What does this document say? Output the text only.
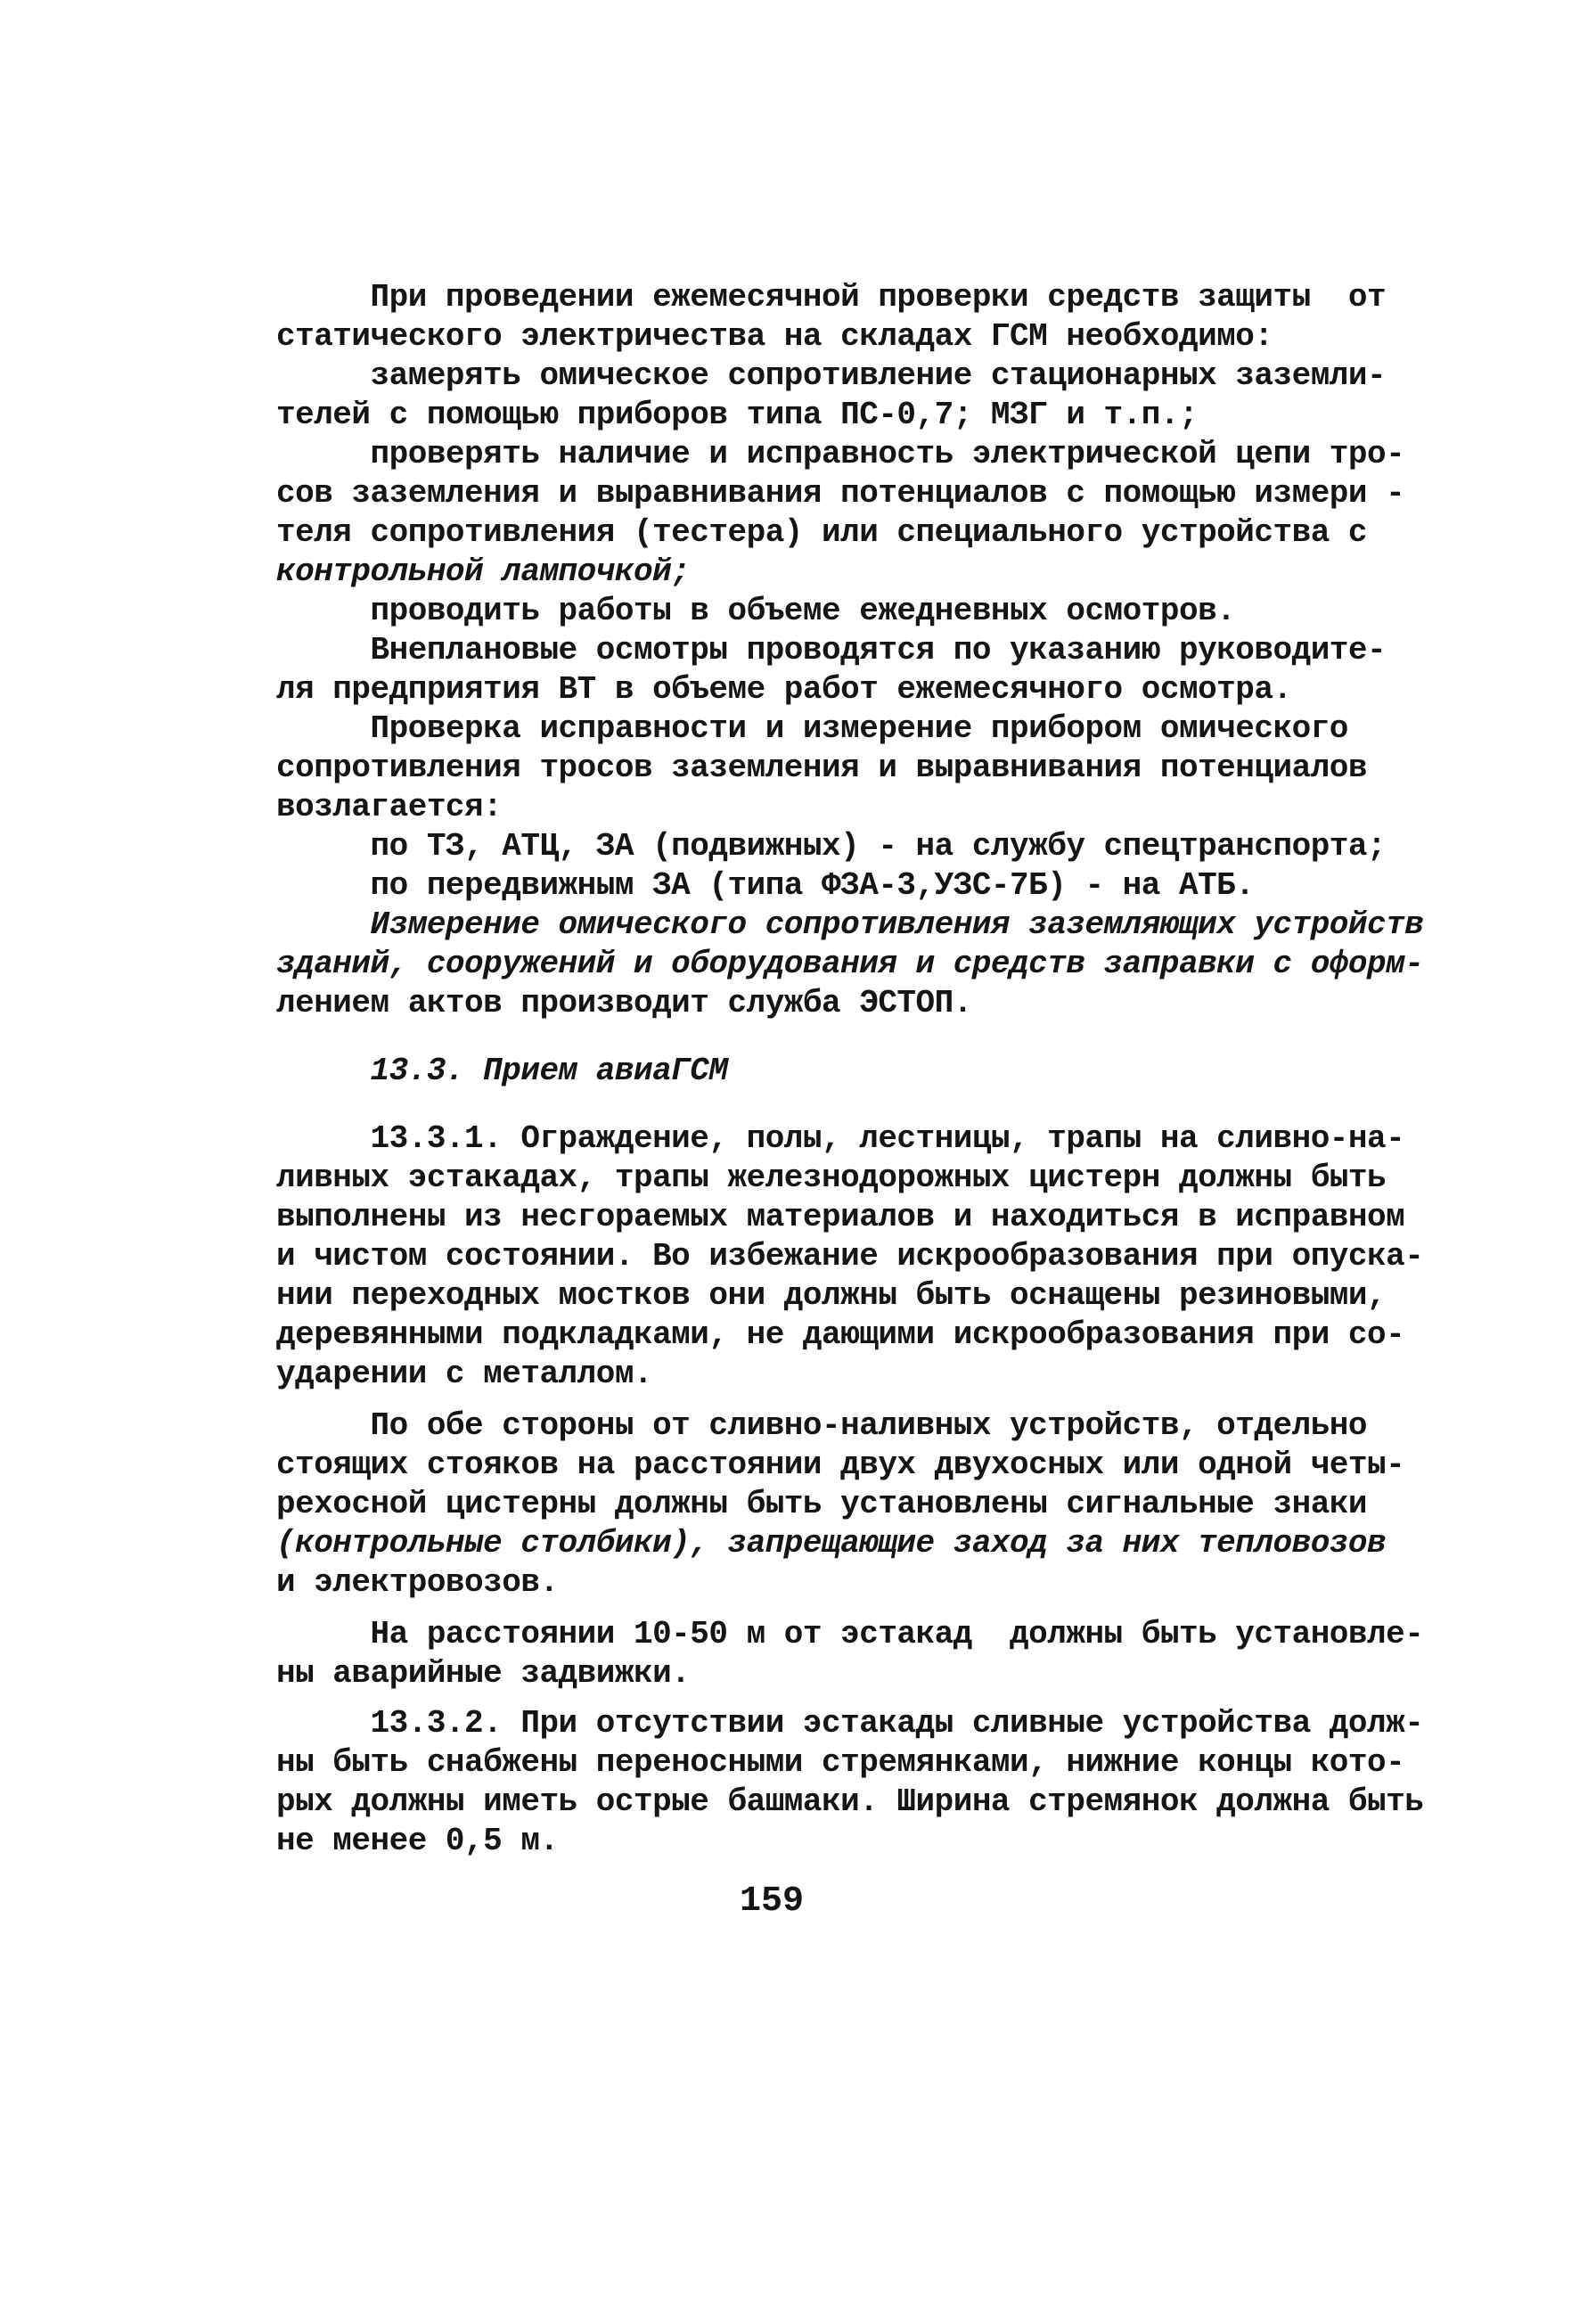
При проведении ежемесячной проверки средств защиты  от
статического электричества на складах ГСМ необходимо:
замерять омическое сопротивление стационарных заземли-
телей с помощью приборов типа ПС-0,7; МЗГ и т.п.;
проверять наличие и исправность электрической цепи тро-
сов заземления и выравнивания потенциалов с помощью измери -
теля сопротивления (тестера) или специального устройства с
контрольной лампочкой;
проводить работы в объеме ежедневных осмотров.
Внеплановые осмотры проводятся по указанию руководите-
ля предприятия ВТ в объеме работ ежемесячного осмотра.
Проверка исправности и измерение прибором омического
сопротивления тросов заземления и выравнивания потенциалов
возлагается:
по ТЗ, АТЦ, ЗА (подвижных) - на службу спецтранспорта;
по передвижным ЗА (типа ФЗА-3,УЗС-7Б) - на АТБ.
Измерение омического сопротивления заземляющих устройств
зданий, сооружений и оборудования и средств заправки с оформ-
лением актов производит служба ЭСТОП.
13.3. Прием авиаГСМ
13.3.1. Ограждение, полы, лестницы, трапы на сливно-на-
ливных эстакадах, трапы железнодорожных цистерн должны быть
выполнены из несгораемых материалов и находиться в исправном
и чистом состоянии. Во избежание искрообразования при опуска-
нии переходных мостков они должны быть оснащены резиновыми,
деревянными подкладками, не дающими искрообразования при со-
ударении с металлом.
По обе стороны от сливно-наливных устройств, отдельно
стоящих стояков на расстоянии двух двухосных или одной четы-
рехосной цистерны должны быть установлены сигнальные знаки
(контрольные столбики), запрещающие заход за них тепловозов
и электровозов.
На расстоянии 10-50 м от эстакад  должны быть установле-
ны аварийные задвижки.
13.3.2. При отсутствии эстакады сливные устройства долж-
ны быть снабжены переносными стремянками, нижние концы кото-
рых должны иметь острые башмаки. Ширина стремянок должна быть
не менее 0,5 м.
159
